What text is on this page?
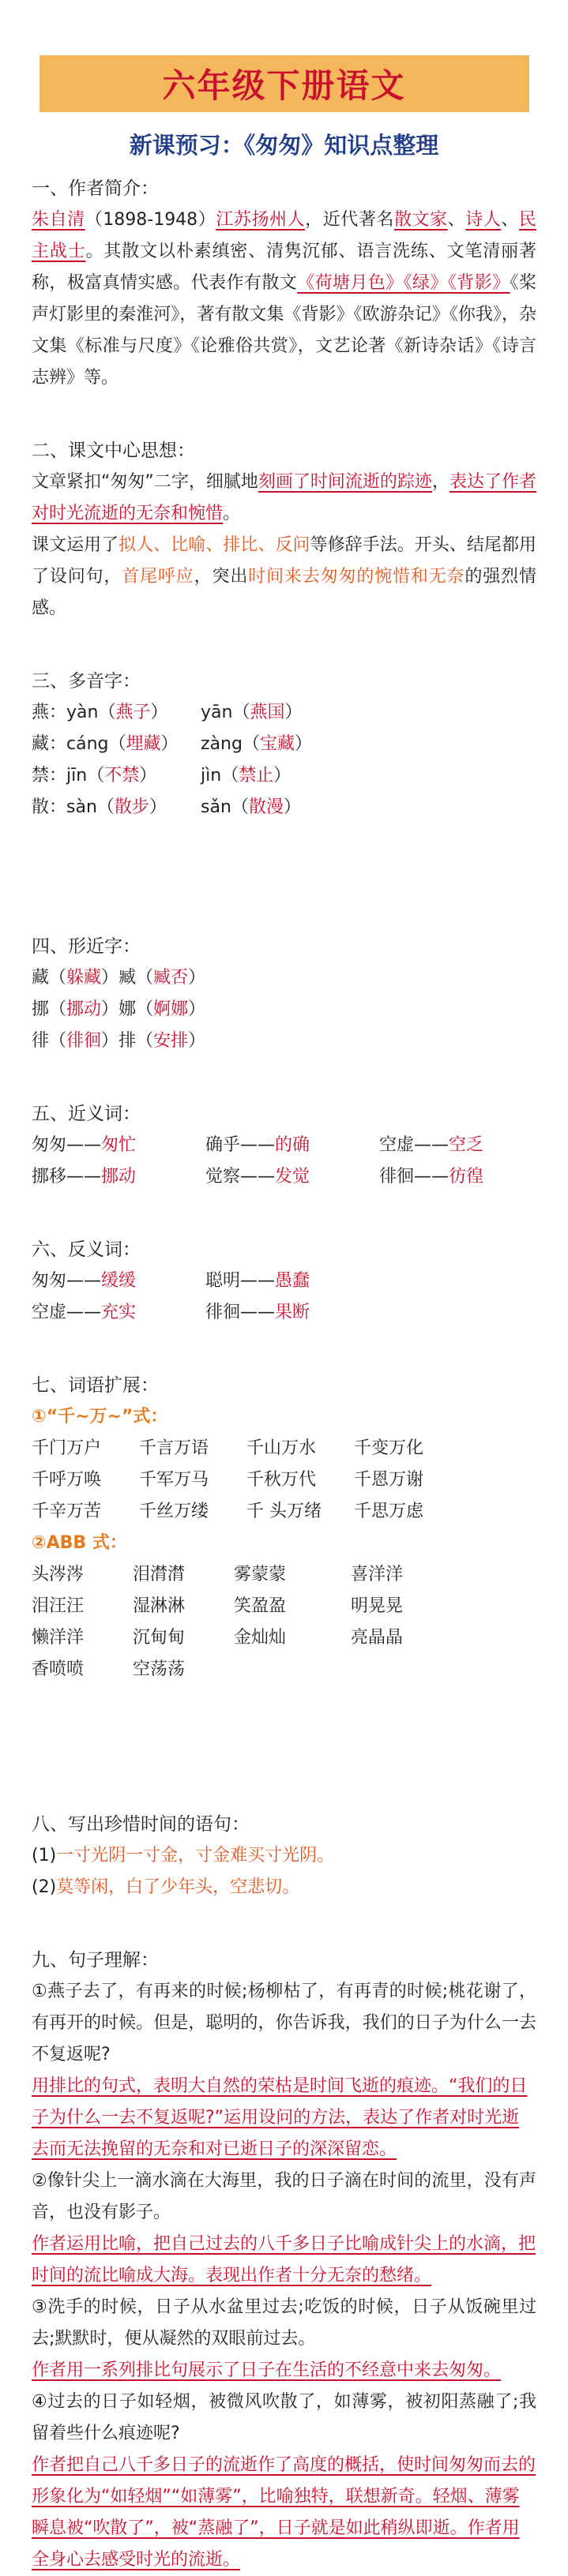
六年级下册语文
新课预习：《匆匆》知识点整理
一、作者简介：
朱自清（1898-1948）江苏扬州人，近代著名散文家、诗人、民主战士。其散文以朴素缜密、清隽沉郁、语言洗练、文笔清丽著称，极富真情实感。代表作有散文《荷塘月色》《绿》《背影》《桨声灯影里的秦淮河》，著有散文集《背影》《欧游杂记》《你我》，杂文集《标准与尺度》《论雅俗共赏》，文艺论著《新诗杂话》《诗言志辨》等。
二、课文中心思想：
文章紧扣“匆匆”二字，细腻地刻画了时间流逝的踪迹，表达了作者对时光流逝的无奈和惋惜。
课文运用了拟人、比喻、排比、反问等修辞手法。开头、结尾都用了设问句，首尾呼应，突出时间来去匆匆的惋惜和无奈的强烈情感。
三、多音字：
燕： yàn（燕子）	yān（燕国）
藏： cáng（埋藏）	zàng（宝藏）
禁： jīn（不禁）	jìn（禁止）
散： sàn（散步）	sǎn（散漫）
四、形近字：
藏（躲藏）臧（臧否）
挪（挪动）娜（婀娜）
徘（徘徊）排（安排）
五、近义词：
匆匆——匆忙	确乎——的确	空虚——空乏
挪移——挪动	觉察——发觉	徘徊——彷徨
六、反义词：
匆匆——缓缓	聪明——愚蠢
空虚——充实	徘徊——果断
七、词语扩展：
①“千~万~”式：
千门万户	千言万语	千山万水	千变万化
千呼万唤	千军万马	千秋万代	千恩万谢
千辛万苦	千丝万缕	千 头万绪	千思万虑
②ABB 式：
头涔涔	泪潸潸	雾蒙蒙	喜洋洋
泪汪汪	湿淋淋	笑盈盈	明晃晃
懒洋洋	沉甸甸	金灿灿	亮晶晶
香喷喷	空荡荡
八、写出珍惜时间的语句：
(1)一寸光阴一寸金，寸金难买寸光阴。
(2)莫等闲，白了少年头，空悲切。
九、句子理解：
①燕子去了，有再来的时候;杨柳枯了，有再青的时候;桃花谢了，有再开的时候。但是，聪明的，你告诉我，我们的日子为什么一去不复返呢?
用排比的句式，表明大自然的荣枯是时间飞逝的痕迹。“我们的日子为什么一去不复返呢?”运用设问的方法，表达了作者对时光逝去而无法挽留的无奈和对已逝日子的深深留恋。
②像针尖上一滴水滴在大海里，我的日子滴在时间的流里，没有声音，也没有影子。
作者运用比喻，把自己过去的八千多日子比喻成针尖上的水滴，把时间的流比喻成大海。表现出作者十分无奈的愁绪。
③洗手的时候，日子从水盆里过去;吃饭的时候，日子从饭碗里过去;默默时，便从凝然的双眼前过去。
作者用一系列排比句展示了日子在生活的不经意中来去匆匆。
④过去的日子如轻烟，被微风吹散了，如薄雾，被初阳蒸融了;我留着些什么痕迹呢?
作者把自己八千多日子的流逝作了高度的概括，使时间匆匆而去的形象化为“如轻烟”“如薄雾”，比喻独特，联想新奇。轻烟、薄雾瞬息被“吹散了”，被“蒸融了”，日子就是如此稍纵即逝。作者用全身心去感受时光的流逝。
